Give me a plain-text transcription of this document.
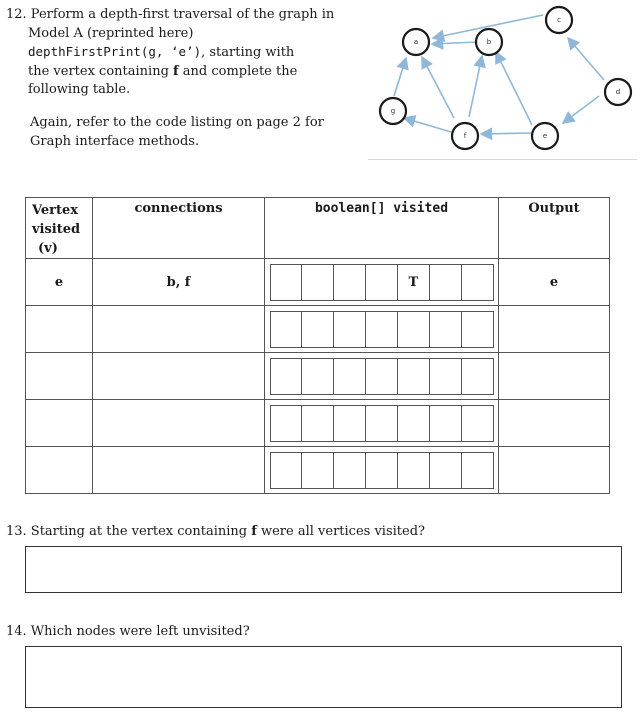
12. Perform a depth-first traversal of the graph in
Model A (reprinted here)
depthFirstPrint(g, ‘e’), starting with
the vertex containing f and complete the
following table.
Again, refer to the code listing on page 2 for
Graph interface methods.
a	b
c
d
e
f
g
Vertex
visited
(v)	connections	boolean[] visited	Output
e	b, f	T	e

13. Starting at the vertex containing f were all vertices visited?
14. Which nodes were left unvisited?
